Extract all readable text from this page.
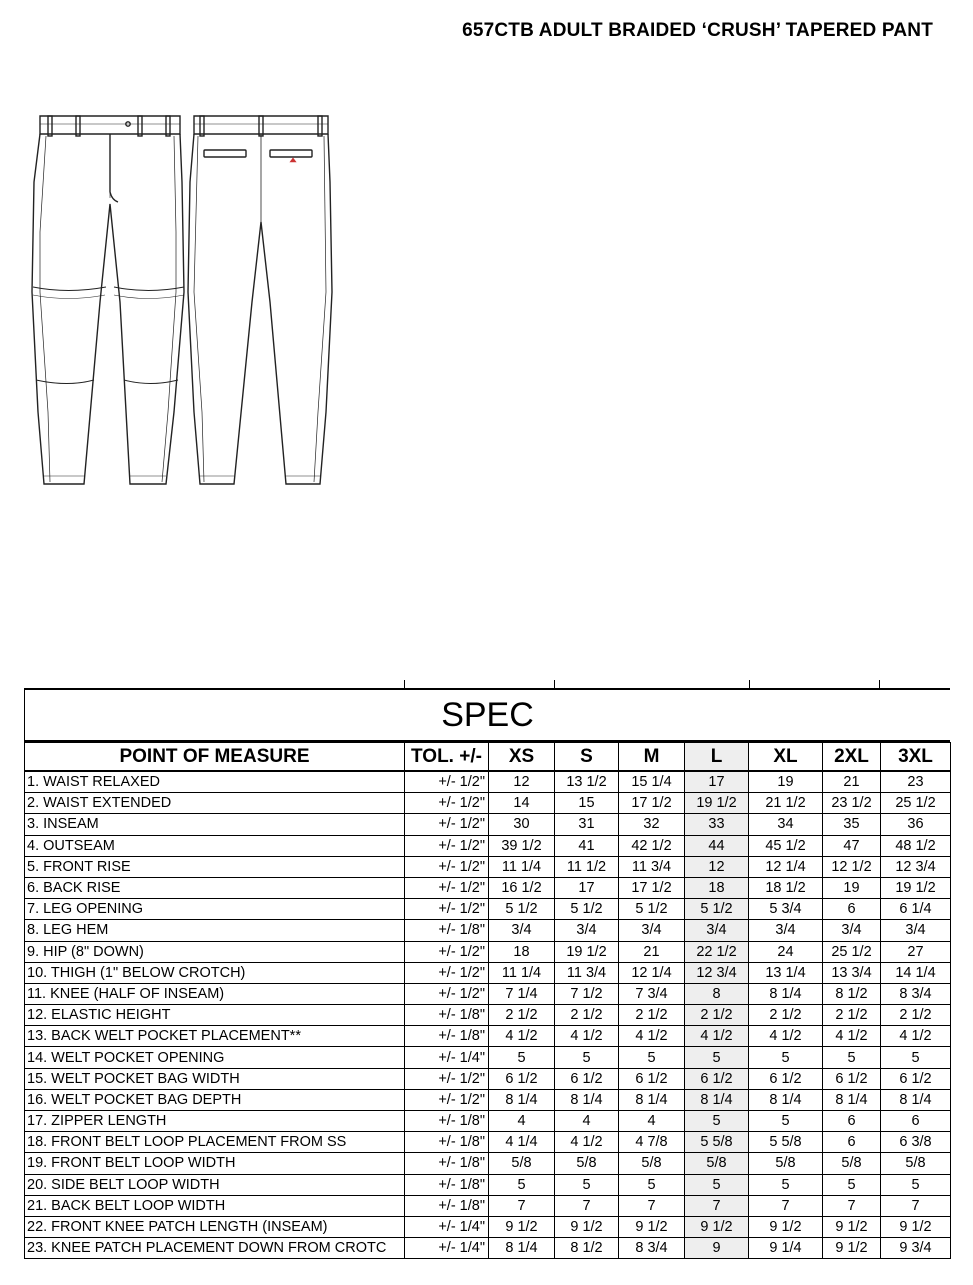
657CTB ADULT BRAIDED ‘CRUSH’ TAPERED PANT
SPEC
POINT OF MEASURE	TOL. +/-	XS	S	M	L	XL	2XL	3XL
1. WAIST RELAXED	+/- 1/2"	12	13 1/2	15 1/4	17	19	21	23
2. WAIST EXTENDED	+/- 1/2"	14	15	17 1/2	19 1/2	21 1/2	23 1/2	25 1/2
3. INSEAM	+/- 1/2"	30	31	32	33	34	35	36
4. OUTSEAM	+/- 1/2"	39 1/2	41	42 1/2	44	45 1/2	47	48 1/2
5. FRONT RISE	+/- 1/2"	11 1/4	11 1/2	11 3/4	12	12 1/4	12 1/2	12 3/4
6. BACK RISE	+/- 1/2"	16 1/2	17	17 1/2	18	18 1/2	19	19 1/2
7. LEG OPENING	+/- 1/2"	5 1/2	5 1/2	5 1/2	5 1/2	5 3/4	6	6 1/4
8. LEG HEM	+/- 1/8"	3/4	3/4	3/4	3/4	3/4	3/4	3/4
9. HIP (8" DOWN)	+/- 1/2"	18	19 1/2	21	22 1/2	24	25 1/2	27
10. THIGH (1" BELOW CROTCH)	+/- 1/2"	11 1/4	11 3/4	12 1/4	12 3/4	13 1/4	13 3/4	14 1/4
11. KNEE (HALF OF INSEAM)	+/- 1/2"	7 1/4	7 1/2	7 3/4	8	8 1/4	8 1/2	8 3/4
12. ELASTIC HEIGHT	+/- 1/8"	2 1/2	2 1/2	2 1/2	2 1/2	2 1/2	2 1/2	2 1/2
13. BACK WELT POCKET PLACEMENT**	+/- 1/8"	4 1/2	4 1/2	4 1/2	4 1/2	4 1/2	4 1/2	4 1/2
14. WELT POCKET OPENING	+/- 1/4"	5	5	5	5	5	5	5
15. WELT POCKET BAG WIDTH	+/- 1/2"	6 1/2	6 1/2	6 1/2	6 1/2	6 1/2	6 1/2	6 1/2
16. WELT POCKET BAG DEPTH	+/- 1/2"	8 1/4	8 1/4	8 1/4	8 1/4	8 1/4	8 1/4	8 1/4
17. ZIPPER LENGTH	+/- 1/8"	4	4	4	5	5	6	6
18. FRONT BELT LOOP PLACEMENT FROM SS	+/- 1/8"	4 1/4	4 1/2	4 7/8	5 5/8	5 5/8	6	6 3/8
19. FRONT BELT LOOP WIDTH	+/- 1/8"	5/8	5/8	5/8	5/8	5/8	5/8	5/8
20. SIDE BELT LOOP WIDTH	+/- 1/8"	5	5	5	5	5	5	5
21. BACK BELT LOOP WIDTH	+/- 1/8"	7	7	7	7	7	7	7
22. FRONT KNEE PATCH LENGTH (INSEAM)	+/- 1/4"	9 1/2	9 1/2	9 1/2	9 1/2	9 1/2	9 1/2	9 1/2
23. KNEE PATCH PLACEMENT DOWN FROM CROTC	+/- 1/4"	8 1/4	8 1/2	8 3/4	9	9 1/4	9 1/2	9 3/4
